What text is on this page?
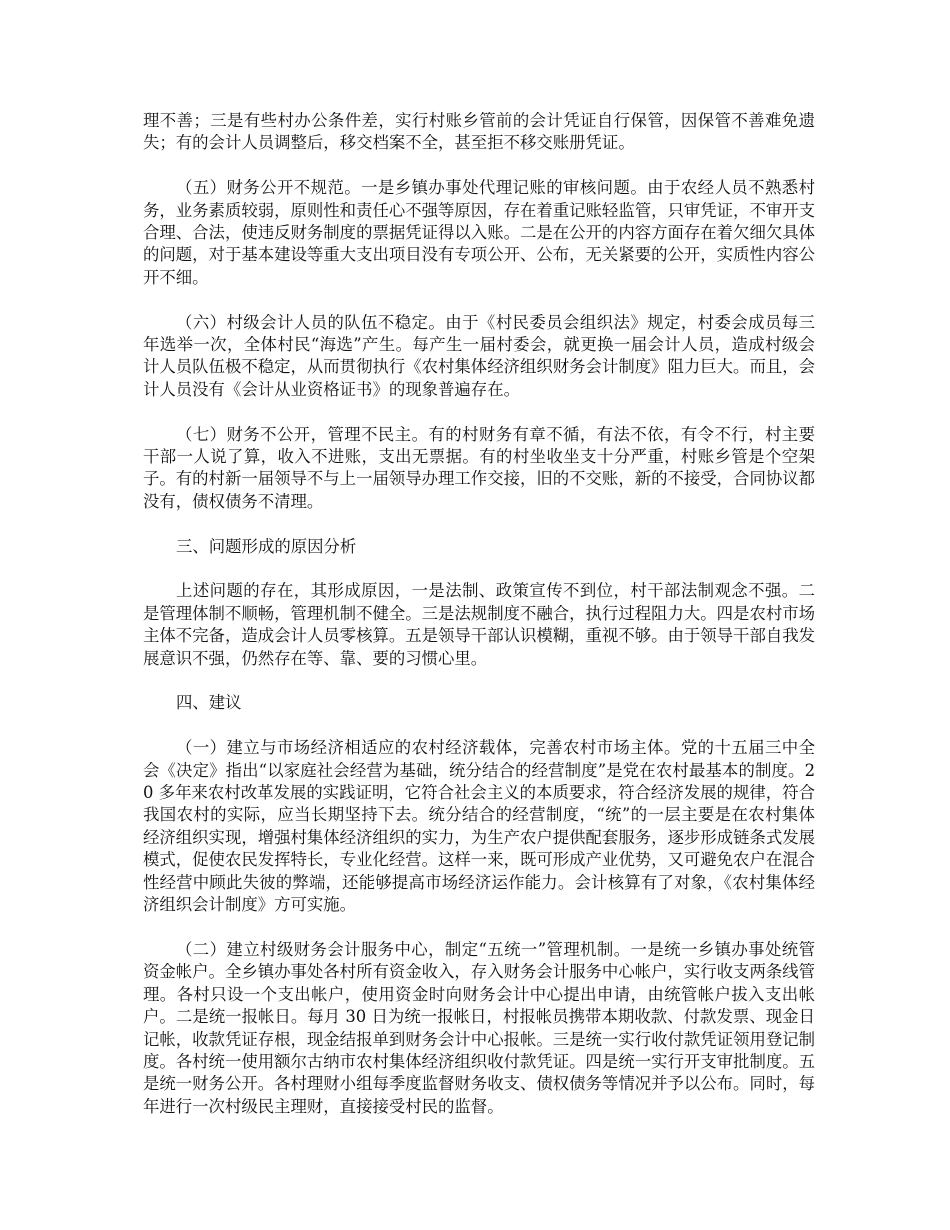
理不善；三是有些村办公条件差，实行村账乡管前的会计凭证自行保管，因保管不善难免遗失；有的会计人员调整后，移交档案不全，甚至拒不移交账册凭证。

（五）财务公开不规范。一是乡镇办事处代理记账的审核问题。由于农经人员不熟悉村务，业务素质较弱，原则性和责任心不强等原因，存在着重记账轻监管，只审凭证，不审开支合理、合法，使违反财务制度的票据凭证得以入账。二是在公开的内容方面存在着欠细欠具体的问题，对于基本建设等重大支出项目没有专项公开、公布，无关紧要的公开，实质性内容公开不细。

（六）村级会计人员的队伍不稳定。由于《村民委员会组织法》规定，村委会成员每三年选举一次，全体村民“海选”产生。每产生一届村委会，就更换一届会计人员，造成村级会计人员队伍极不稳定，从而贯彻执行《农村集体经济组织财务会计制度》阻力巨大。而且，会计人员没有《会计从业资格证书》的现象普遍存在。

（七）财务不公开，管理不民主。有的村财务有章不循，有法不依，有令不行，村主要干部一人说了算，收入不进账，支出无票据。有的村坐收坐支十分严重，村账乡管是个空架子。有的村新一届领导不与上一届领导办理工作交接，旧的不交账，新的不接受，合同协议都没有，债权债务不清理。

三、问题形成的原因分析

上述问题的存在，其形成原因，一是法制、政策宣传不到位，村干部法制观念不强。二是管理体制不顺畅，管理机制不健全。三是法规制度不融合，执行过程阻力大。四是农村市场主体不完备，造成会计人员零核算。五是领导干部认识模糊，重视不够。由于领导干部自我发展意识不强，仍然存在等、靠、要的习惯心里。

四、建议

（一）建立与市场经济相适应的农村经济载体，完善农村市场主体。党的十五届三中全会《决定》指出“以家庭社会经营为基础，统分结合的经营制度”是党在农村最基本的制度。20 多年来农村改革发展的实践证明，它符合社会主义的本质要求，符合经济发展的规律，符合我国农村的实际，应当长期坚持下去。统分结合的经营制度，“统”的一层主要是在农村集体经济组织实现，增强村集体经济组织的实力，为生产农户提供配套服务，逐步形成链条式发展模式，促使农民发挥特长，专业化经营。这样一来，既可形成产业优势，又可避免农户在混合性经营中顾此失彼的弊端，还能够提高市场经济运作能力。会计核算有了对象，《农村集体经济组织会计制度》方可实施。

（二）建立村级财务会计服务中心，制定“五统一”管理机制。一是统一乡镇办事处统管资金帐户。全乡镇办事处各村所有资金收入，存入财务会计服务中心帐户，实行收支两条线管理。各村只设一个支出帐户，使用资金时向财务会计中心提出申请，由统管帐户拔入支出帐户。二是统一报帐日。每月 30 日为统一报帐日，村报帐员携带本期收款、付款发票、现金日记帐，收款凭证存根，现金结报单到财务会计中心报帐。三是统一实行收付款凭证领用登记制度。各村统一使用额尔古纳市农村集体经济组织收付款凭证。四是统一实行开支审批制度。五是统一财务公开。各村理财小组每季度监督财务收支、债权债务等情况并予以公布。同时，每年进行一次村级民主理财，直接接受村民的监督。
